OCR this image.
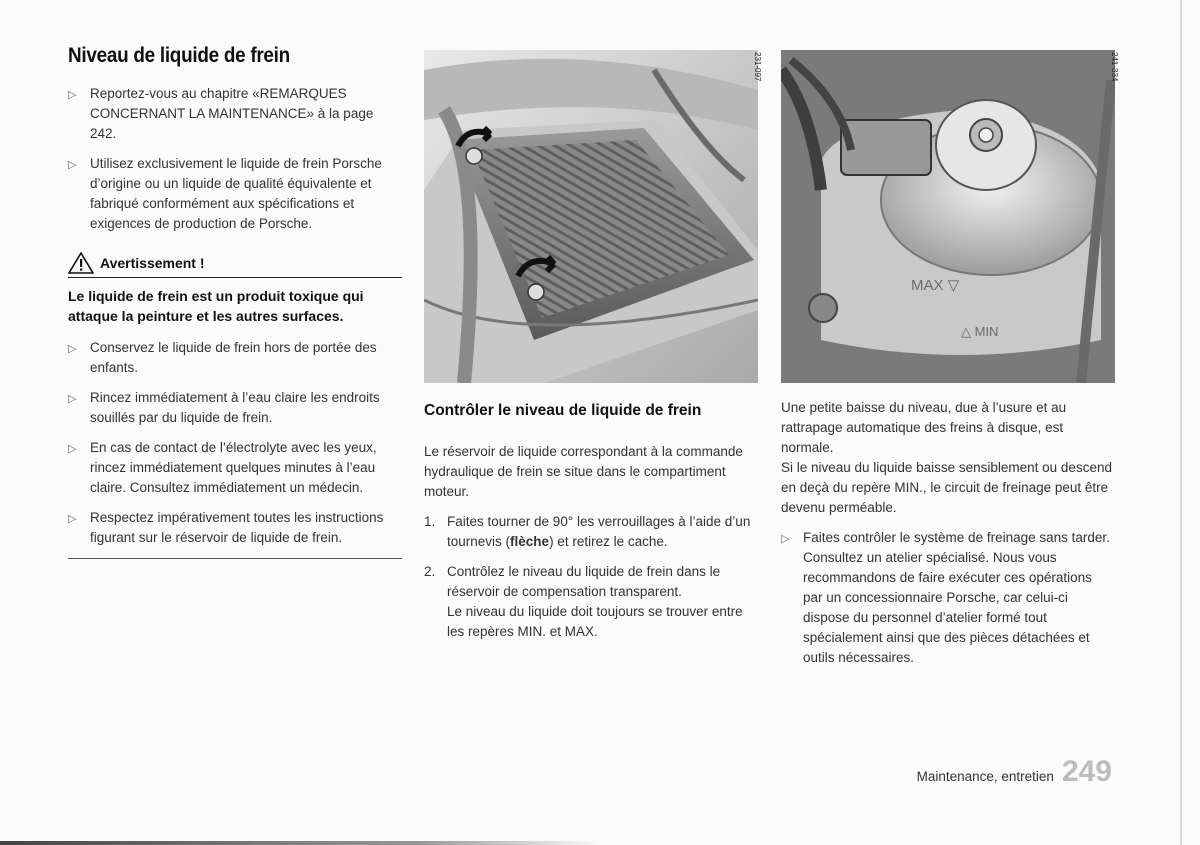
Niveau de liquide de frein
▷ Reportez-vous au chapitre «REMARQUES CONCERNANT LA MAINTENANCE» à la page 242.
▷ Utilisez exclusivement le liquide de frein Porsche d’origine ou un liquide de qualité équivalente et fabriqué conformément aux spécifications et exigences de production de Porsche.
Avertissement !
Le liquide de frein est un produit toxique qui attaque la peinture et les autres surfaces.
▷ Conservez le liquide de frein hors de portée des enfants.
▷ Rincez immédiatement à l’eau claire les endroits souillés par du liquide de frein.
▷ En cas de contact de l’électrolyte avec les yeux, rincez immédiatement quelques minutes à l’eau claire. Consultez immédiatement un médecin.
▷ Respectez impérativement toutes les instructions figurant sur le réservoir de liquide de frein.
231-097
MAX ▽
△ MIN
241-334
Contrôler le niveau de liquide de frein
Le réservoir de liquide correspondant à la commande hydraulique de frein se situe dans le compartiment moteur.
1. Faites tourner de 90° les verrouillages à l’aide d’un tournevis (flèche) et retirez le cache.
2. Contrôlez le niveau du liquide de frein dans le réservoir de compensation transparent.
Le niveau du liquide doit toujours se trouver entre les repères MIN. et MAX.
Une petite baisse du niveau, due à l’usure et au rattrapage automatique des freins à disque, est normale.
Si le niveau du liquide baisse sensiblement ou descend en deçà du repère MIN., le circuit de freinage peut être devenu perméable.
▷ Faites contrôler le système de freinage sans tarder. Consultez un atelier spécialisé. Nous vous recommandons de faire exécuter ces opérations par un concessionnaire Porsche, car celui-ci dispose du personnel d’atelier formé tout spécialement ainsi que des pièces détachées et outils nécessaires.
Maintenance, entretien 249
